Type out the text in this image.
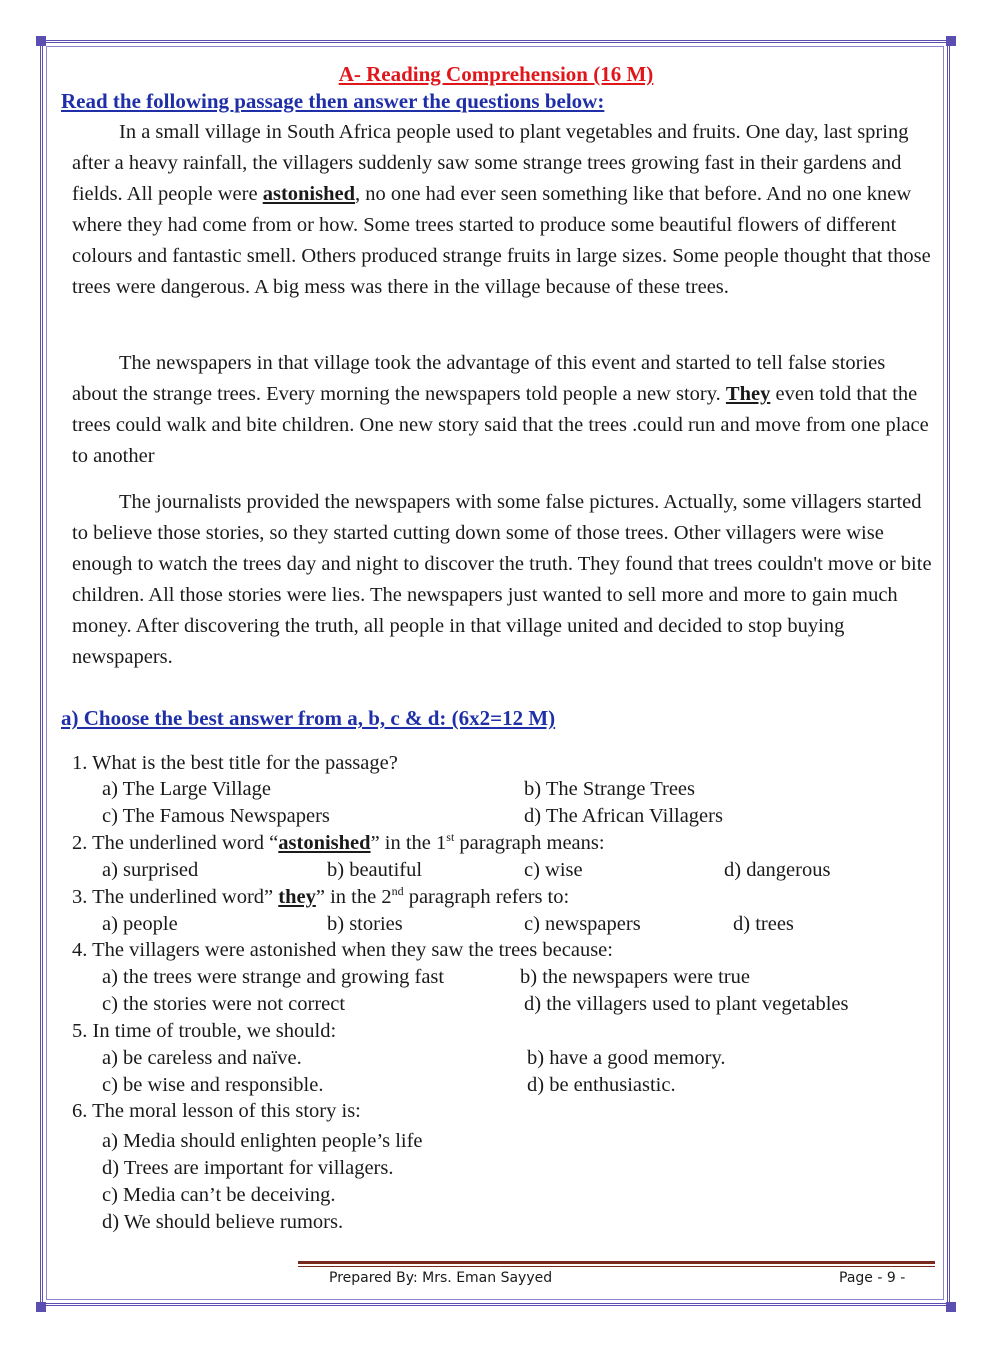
A- Reading Comprehension (16 M)
Read the following passage then answer the questions below:
In a small village in South Africa people used to plant vegetables and fruits. One day, last spring after a heavy rainfall, the villagers suddenly saw some strange trees growing fast in their gardens and fields. All people were astonished, no one had ever seen something like that before. And no one knew where they had come from or how. Some trees started to produce some beautiful flowers of different colours and fantastic smell. Others produced strange fruits in large sizes. Some people thought that those trees were dangerous. A big mess was there in the village because of these trees.
The newspapers in that village took the advantage of this event and started to tell false stories about the strange trees. Every morning the newspapers told people a new story. They even told that the trees could walk and bite children. One new story said that the trees .could run and move from one place to another
The journalists provided the newspapers with some false pictures. Actually, some villagers started to believe those stories, so they started cutting down some of those trees. Other villagers were wise enough to watch the trees day and night to discover the truth. They found that trees couldn't move or bite children. All those stories were lies. The newspapers just wanted to sell more and more to gain much money. After discovering the truth, all people in that village united and decided to stop buying newspapers.
a) Choose the best answer from a, b, c & d: (6x2=12 M)
1. What is the best title for the passage?
a) The Large Village	b) The Strange Trees
c) The Famous Newspapers	d) The African Villagers
2. The underlined word “astonished” in the 1st paragraph means:
a) surprised	b) beautiful	c) wise	d) dangerous
3. The underlined word” they” in the 2nd paragraph refers to:
a) people	b) stories	c) newspapers	d) trees
4. The villagers were astonished when they saw the trees because:
a) the trees were strange and growing fast	b) the newspapers were true
c) the stories were not correct	d) the villagers used to plant vegetables
5. In time of trouble, we should:
a) be careless and naïve.	b) have a good memory.
c) be wise and responsible.	d) be enthusiastic.
6. The moral lesson of this story is:
a) Media should enlighten people’s life
d) Trees are important for villagers.
c) Media can’t be deceiving.
d) We should believe rumors.
Prepared By: Mrs. Eman Sayyed	Page - 9 -
